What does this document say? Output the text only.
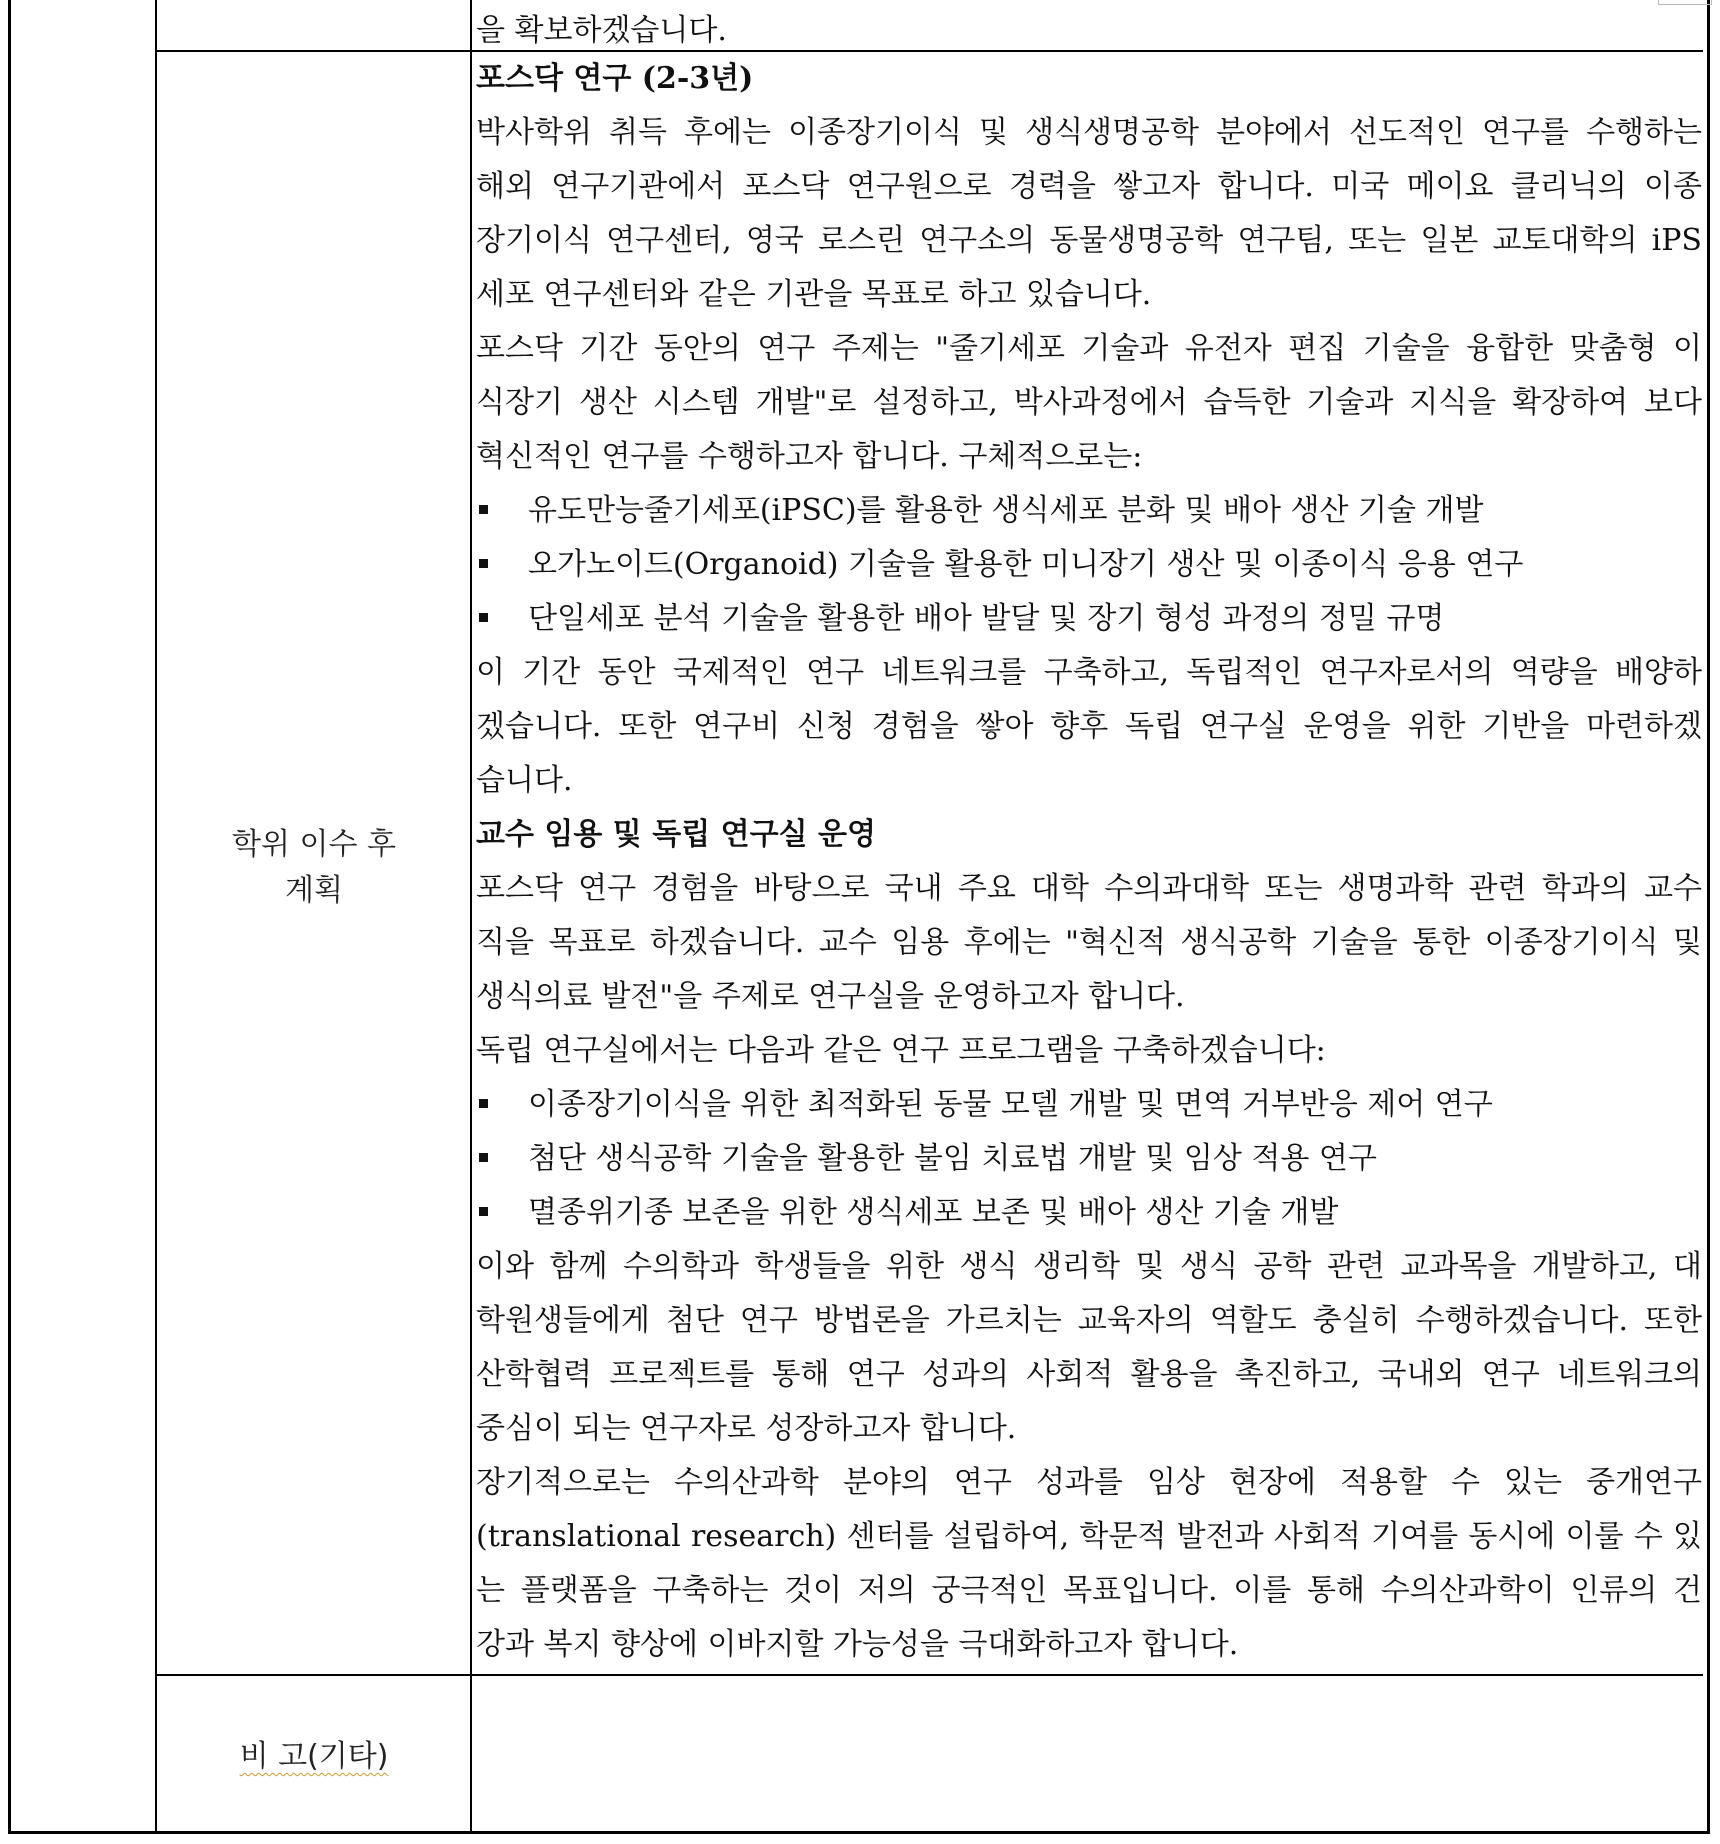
을 확보하겠습니다.
학위 이수 후
계획
비 고(기타)
포스닥 연구 (2-3년)
박사학위 취득 후에는 이종장기이식 및 생식생명공학 분야에서 선도적인 연구를 수행하는
해외 연구기관에서 포스닥 연구원으로 경력을 쌓고자 합니다. 미국 메이요 클리닉의 이종
장기이식 연구센터, 영국 로스린 연구소의 동물생명공학 연구팀, 또는 일본 교토대학의 iPS
세포 연구센터와 같은 기관을 목표로 하고 있습니다.
포스닥 기간 동안의 연구 주제는 "줄기세포 기술과 유전자 편집 기술을 융합한 맞춤형 이
식장기 생산 시스템 개발"로 설정하고, 박사과정에서 습득한 기술과 지식을 확장하여 보다
혁신적인 연구를 수행하고자 합니다. 구체적으로는:
유도만능줄기세포(iPSC)를 활용한 생식세포 분화 및 배아 생산 기술 개발
오가노이드(Organoid) 기술을 활용한 미니장기 생산 및 이종이식 응용 연구
단일세포 분석 기술을 활용한 배아 발달 및 장기 형성 과정의 정밀 규명
이 기간 동안 국제적인 연구 네트워크를 구축하고, 독립적인 연구자로서의 역량을 배양하
겠습니다. 또한 연구비 신청 경험을 쌓아 향후 독립 연구실 운영을 위한 기반을 마련하겠
습니다.
교수 임용 및 독립 연구실 운영
포스닥 연구 경험을 바탕으로 국내 주요 대학 수의과대학 또는 생명과학 관련 학과의 교수
직을 목표로 하겠습니다. 교수 임용 후에는 "혁신적 생식공학 기술을 통한 이종장기이식 및
생식의료 발전"을 주제로 연구실을 운영하고자 합니다.
독립 연구실에서는 다음과 같은 연구 프로그램을 구축하겠습니다:
이종장기이식을 위한 최적화된 동물 모델 개발 및 면역 거부반응 제어 연구
첨단 생식공학 기술을 활용한 불임 치료법 개발 및 임상 적용 연구
멸종위기종 보존을 위한 생식세포 보존 및 배아 생산 기술 개발
이와 함께 수의학과 학생들을 위한 생식 생리학 및 생식 공학 관련 교과목을 개발하고, 대
학원생들에게 첨단 연구 방법론을 가르치는 교육자의 역할도 충실히 수행하겠습니다. 또한
산학협력 프로젝트를 통해 연구 성과의 사회적 활용을 촉진하고, 국내외 연구 네트워크의
중심이 되는 연구자로 성장하고자 합니다.
장기적으로는 수의산과학 분야의 연구 성과를 임상 현장에 적용할 수 있는 중개연구
(translational research) 센터를 설립하여, 학문적 발전과 사회적 기여를 동시에 이룰 수 있
는 플랫폼을 구축하는 것이 저의 궁극적인 목표입니다. 이를 통해 수의산과학이 인류의 건
강과 복지 향상에 이바지할 가능성을 극대화하고자 합니다.
